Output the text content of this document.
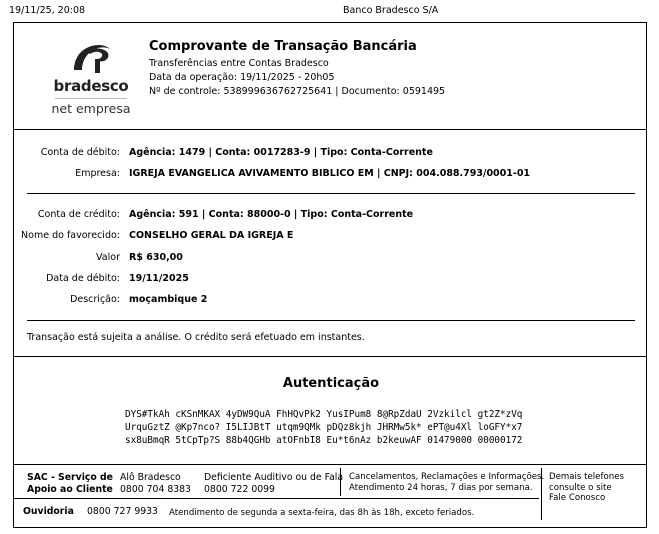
19/11/25, 20:08	Banco Bradesco S/A
bradesco
net empresa
Comprovante de Transação Bancária
Transferências entre Contas Bradesco
Data da operação: 19/11/2025 - 20h05
Nº de controle: 538999636762725641 | Documento: 0591495
Conta de débito: Agência: 1479 | Conta: 0017283-9 | Tipo: Conta-Corrente
Empresa: IGREJA EVANGELICA AVIVAMENTO BIBLICO EM | CNPJ: 004.088.793/0001-01
Conta de crédito: Agência: 591 | Conta: 88000-0 | Tipo: Conta-Corrente
Nome do favorecido: CONSELHO GERAL DA IGREJA E
Valor R$ 630,00
Data de débito: 19/11/2025
Descrição: moçambique 2
Transação está sujeita a análise. O crédito será efetuado em instantes.
Autenticação
DYS#TkAh cKSnMKAX 4yDW9QuA FhHQvPk2 YusIPum8 8@RpZdaU 2Vzkilcl gt2Z*zVq
UrquGztZ @Kp7nco? I5LIJBtT utqm9QMk pDQz8kjh JHRMw5k* ePT@u4Xl loGFY*x7
sx8uBmqR 5tCpTp?S 88b4QGHb atOFnbI8 Eu*t6nAz b2keuwAF 01479000 00000172
SAC - Serviço de
Apoio ao Cliente
Alô Bradesco
0800 704 8383
Deficiente Auditivo ou de Fala
0800 722 0099
Cancelamentos, Reclamações e Informações.
Atendimento 24 horas, 7 dias por semana.
Demais telefones
consulte o site
Fale Conosco
Ouvidoria 0800 727 9933 Atendimento de segunda a sexta-feira, das 8h às 18h, exceto feriados.
